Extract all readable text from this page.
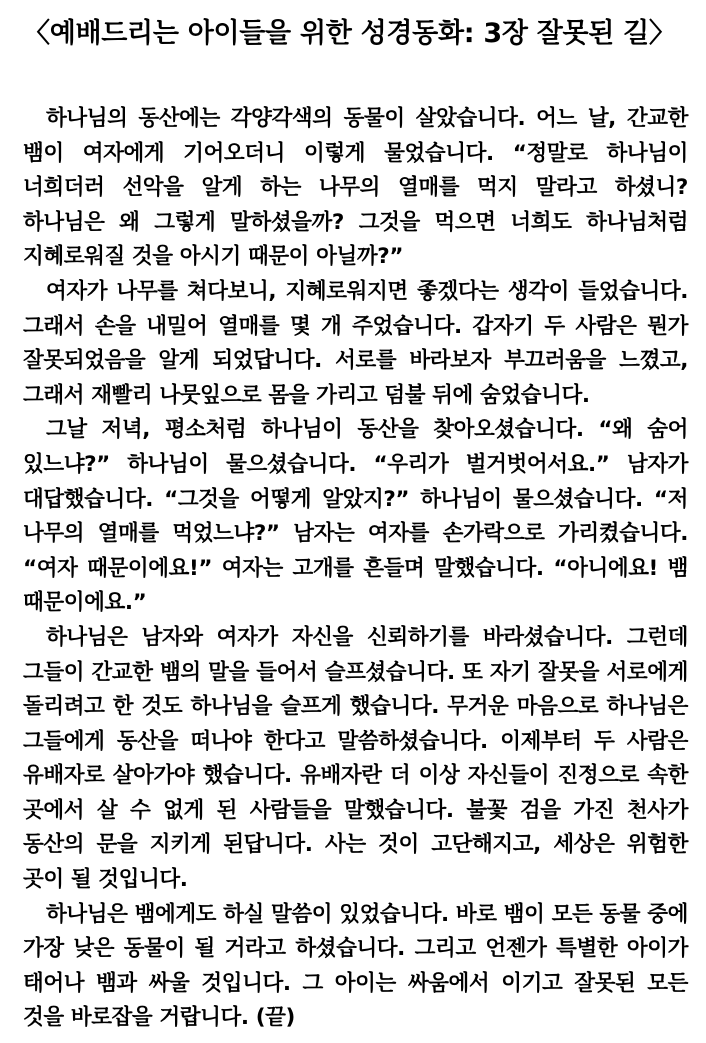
〈예배드리는 아이들을 위한 성경동화: 3장 잘못된 길〉

하나님의 동산에는 각양각색의 동물이 살았습니다. 어느 날, 간교한 뱀이 여자에게 기어오더니 이렇게 물었습니다. “정말로 하나님이 너희더러 선악을 알게 하는 나무의 열매를 먹지 말라고 하셨니? 하나님은 왜 그렇게 말하셨을까? 그것을 먹으면 너희도 하나님처럼 지혜로워질 것을 아시기 때문이 아닐까?”

여자가 나무를 쳐다보니, 지혜로워지면 좋겠다는 생각이 들었습니다. 그래서 손을 내밀어 열매를 몇 개 주었습니다. 갑자기 두 사람은 뭔가 잘못되었음을 알게 되었답니다. 서로를 바라보자 부끄러움을 느꼈고, 그래서 재빨리 나뭇잎으로 몸을 가리고 덤불 뒤에 숨었습니다.

그날 저녁, 평소처럼 하나님이 동산을 찾아오셨습니다. “왜 숨어 있느냐?” 하나님이 물으셨습니다. “우리가 벌거벗어서요.” 남자가 대답했습니다. “그것을 어떻게 알았지?” 하나님이 물으셨습니다. “저 나무의 열매를 먹었느냐?” 남자는 여자를 손가락으로 가리켰습니다. “여자 때문이에요!” 여자는 고개를 흔들며 말했습니다. “아니에요! 뱀 때문이에요.”

하나님은 남자와 여자가 자신을 신뢰하기를 바라셨습니다. 그런데 그들이 간교한 뱀의 말을 들어서 슬프셨습니다. 또 자기 잘못을 서로에게 돌리려고 한 것도 하나님을 슬프게 했습니다. 무거운 마음으로 하나님은 그들에게 동산을 떠나야 한다고 말씀하셨습니다. 이제부터 두 사람은 유배자로 살아가야 했습니다. 유배자란 더 이상 자신들이 진정으로 속한 곳에서 살 수 없게 된 사람들을 말했습니다. 불꽃 검을 가진 천사가 동산의 문을 지키게 된답니다. 사는 것이 고단해지고, 세상은 위험한 곳이 될 것입니다.

하나님은 뱀에게도 하실 말씀이 있었습니다. 바로 뱀이 모든 동물 중에 가장 낮은 동물이 될 거라고 하셨습니다. 그리고 언젠가 특별한 아이가 태어나 뱀과 싸울 것입니다. 그 아이는 싸움에서 이기고 잘못된 모든 것을 바로잡을 거랍니다. (끝)
